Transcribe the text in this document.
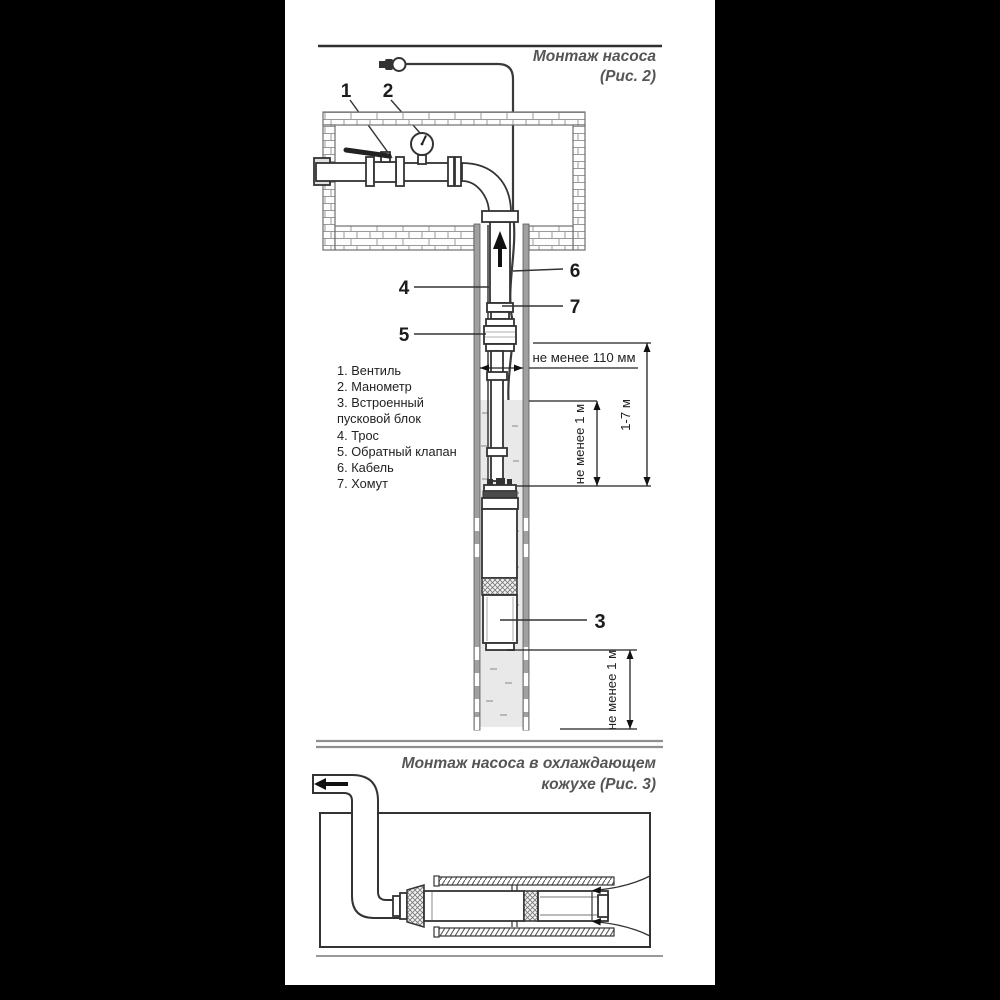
Монтаж насоса
(Рис. 2)
1 2
4
5
6
7
3
не менее 110 мм
не менее 1 м 1-7 м
не менее 1 м
1. Вентиль
2. Манометр
3. Встроенный
пусковой блок
4. Трос
5. Обратный клапан
6. Кабель
7. Хомут
Монтаж насоса в охлаждающем
кожухе (Рис. 3)
